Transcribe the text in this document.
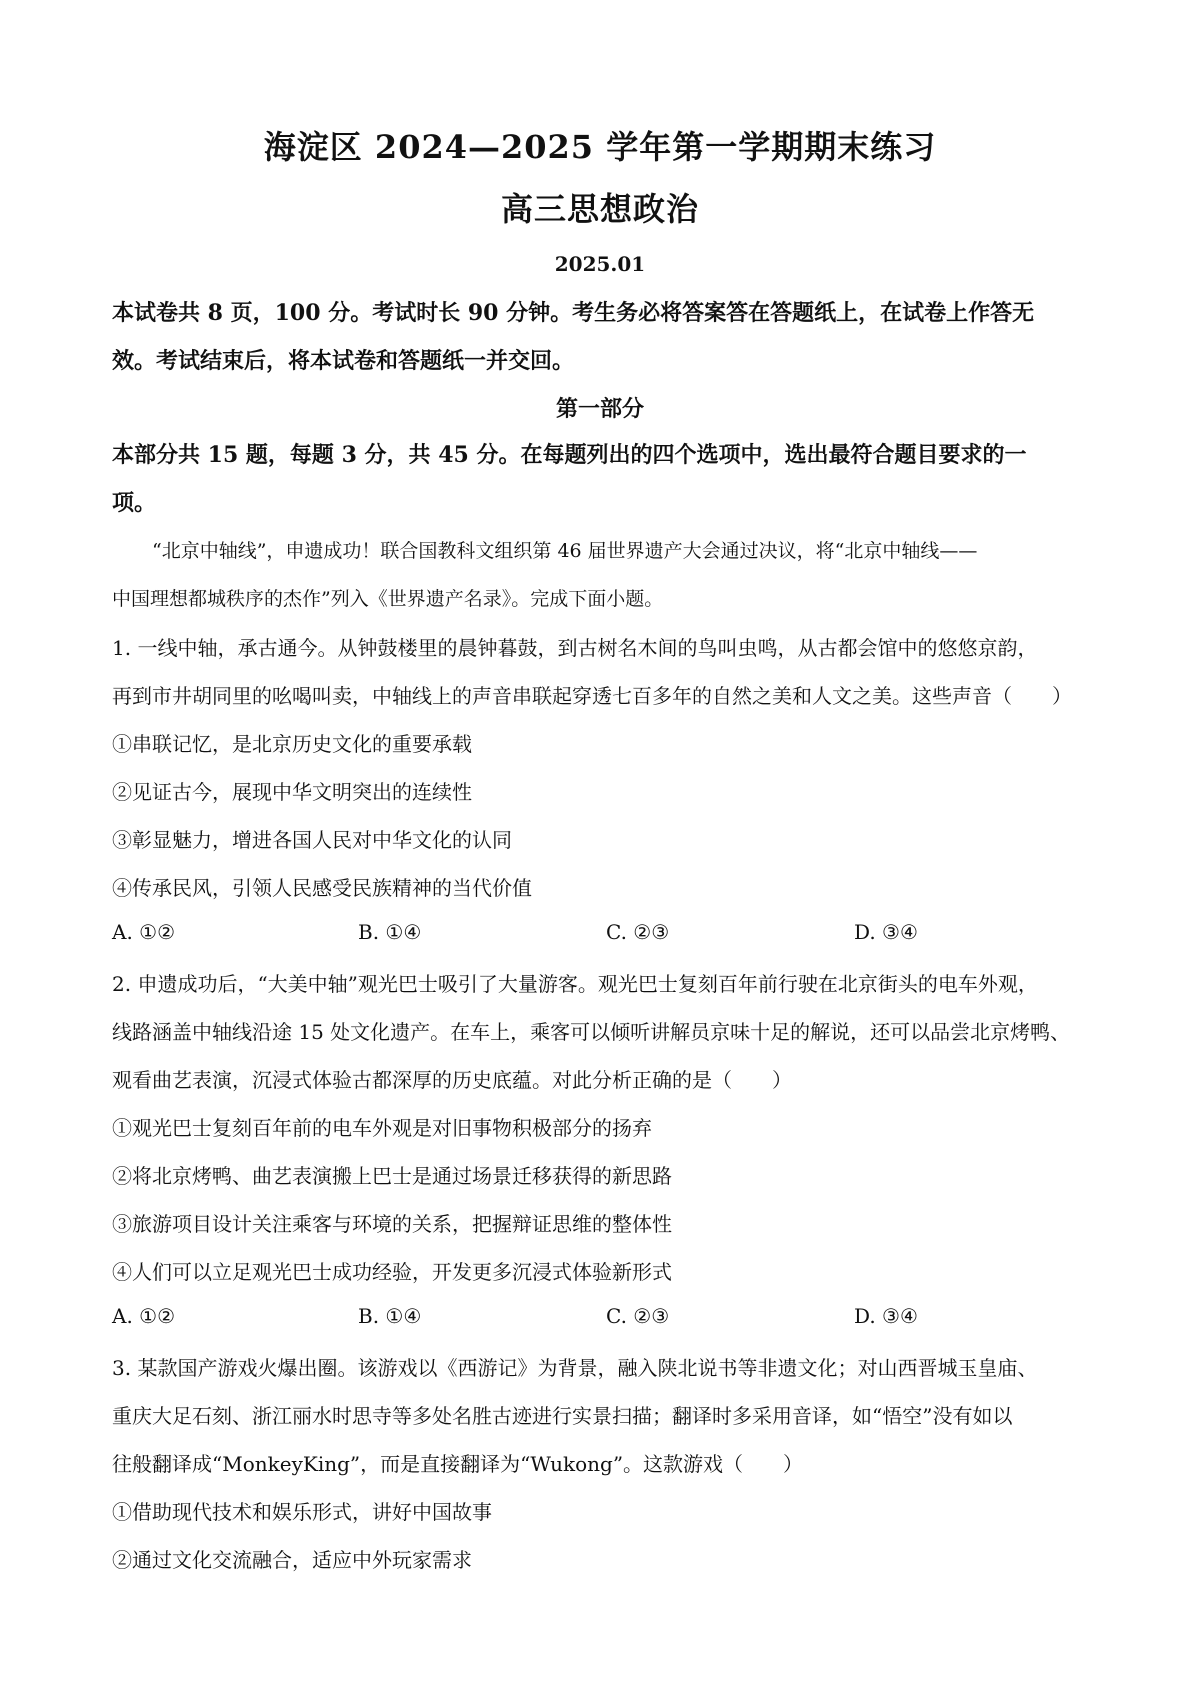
海淀区 2024—2025 学年第一学期期末练习
高三思想政治
2025.01
本试卷共 8 页，100 分。考试时长 90 分钟。考生务必将答案答在答题纸上，在试卷上作答无
效。考试结束后，将本试卷和答题纸一并交回。
第一部分
本部分共 15 题，每题 3 分，共 45 分。在每题列出的四个选项中，选出最符合题目要求的一
项。
“北京中轴线”，申遗成功！联合国教科文组织第 46 届世界遗产大会通过决议，将“北京中轴线——
中国理想都城秩序的杰作”列入《世界遗产名录》。完成下面小题。
1. 一线中轴，承古通今。从钟鼓楼里的晨钟暮鼓，到古树名木间的鸟叫虫鸣，从古都会馆中的悠悠京韵，
再到市井胡同里的吆喝叫卖，中轴线上的声音串联起穿透七百多年的自然之美和人文之美。这些声音（　　）
①串联记忆，是北京历史文化的重要承载
②见证古今，展现中华文明突出的连续性
③彰显魅力，增进各国人民对中华文化的认同
④传承民风，引领人民感受民族精神的当代价值
A. ①②	B. ①④	C. ②③	D. ③④
2. 申遗成功后，“大美中轴”观光巴士吸引了大量游客。观光巴士复刻百年前行驶在北京街头的电车外观，
线路涵盖中轴线沿途 15 处文化遗产。在车上，乘客可以倾听讲解员京味十足的解说，还可以品尝北京烤鸭、
观看曲艺表演，沉浸式体验古都深厚的历史底蕴。对此分析正确的是（　　）
①观光巴士复刻百年前的电车外观是对旧事物积极部分的扬弃
②将北京烤鸭、曲艺表演搬上巴士是通过场景迁移获得的新思路
③旅游项目设计关注乘客与环境的关系，把握辩证思维的整体性
④人们可以立足观光巴士成功经验，开发更多沉浸式体验新形式
A. ①②	B. ①④	C. ②③	D. ③④
3. 某款国产游戏火爆出圈。该游戏以《西游记》为背景，融入陕北说书等非遗文化；对山西晋城玉皇庙、
重庆大足石刻、浙江丽水时思寺等多处名胜古迹进行实景扫描；翻译时多采用音译，如“悟空”没有如以
往般翻译成“MonkeyKing”，而是直接翻译为“Wukong”。这款游戏（　　）
①借助现代技术和娱乐形式，讲好中国故事
②通过文化交流融合，适应中外玩家需求
